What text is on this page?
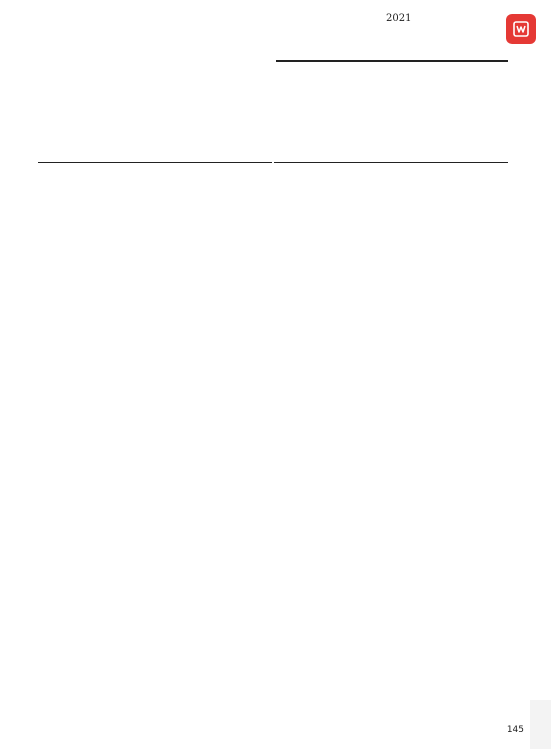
2021

145
